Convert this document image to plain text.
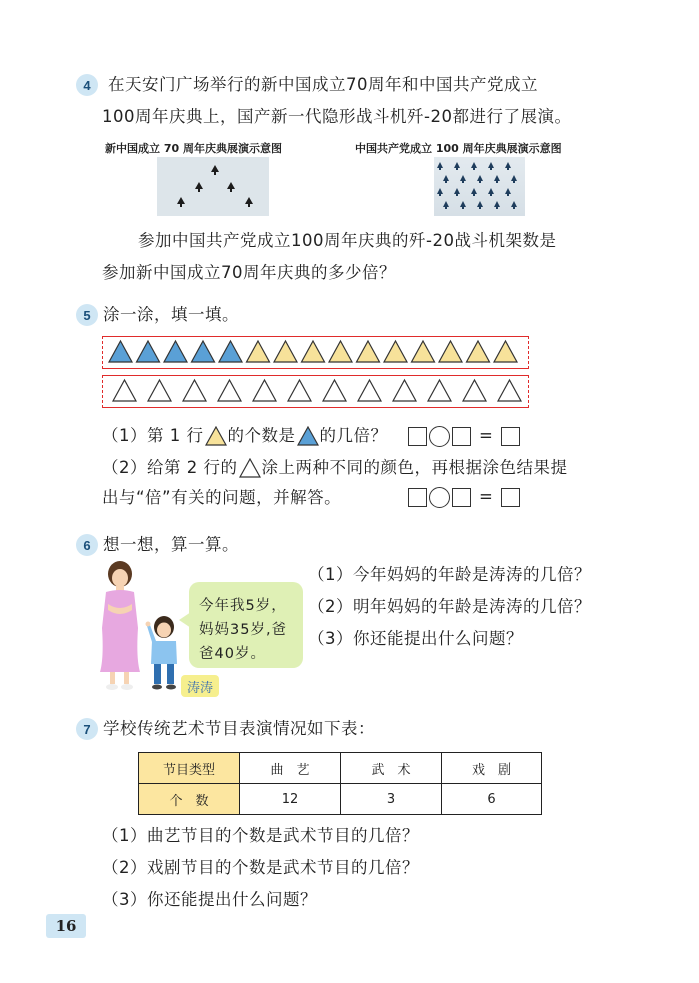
4	在天安门广场举行的新中国成立70周年和中国共产党成立
100周年庆典上，国产新一代隐形战斗机歼-20都进行了展演。
新中国成立 70 周年庆典展演示意图	中国共产党成立 100 周年庆典展演示意图
参加中国共产党成立100周年庆典的歼-20战斗机架数是
参加新中国成立70周年庆典的多少倍？
5 涂一涂，填一填。
（1）第 1 行 的个数是 的几倍？	=
（2）给第 2 行的 涂上两种不同的颜色，再根据涂色结果提
出与“倍”有关的问题，并解答。	=
6 想一想，算一算。
涛涛
今年我5岁，
妈妈35岁,爸
爸40岁。
（1）今年妈妈的年龄是涛涛的几倍？
（2）明年妈妈的年龄是涛涛的几倍？
（3）你还能提出什么问题？
7 学校传统艺术节目表演情况如下表：
节目类型	曲　艺	武　术	戏　剧
个　数	12	3	6
（1）曲艺节目的个数是武术节目的几倍？
（2）戏剧节目的个数是武术节目的几倍？
（3）你还能提出什么问题？
16
